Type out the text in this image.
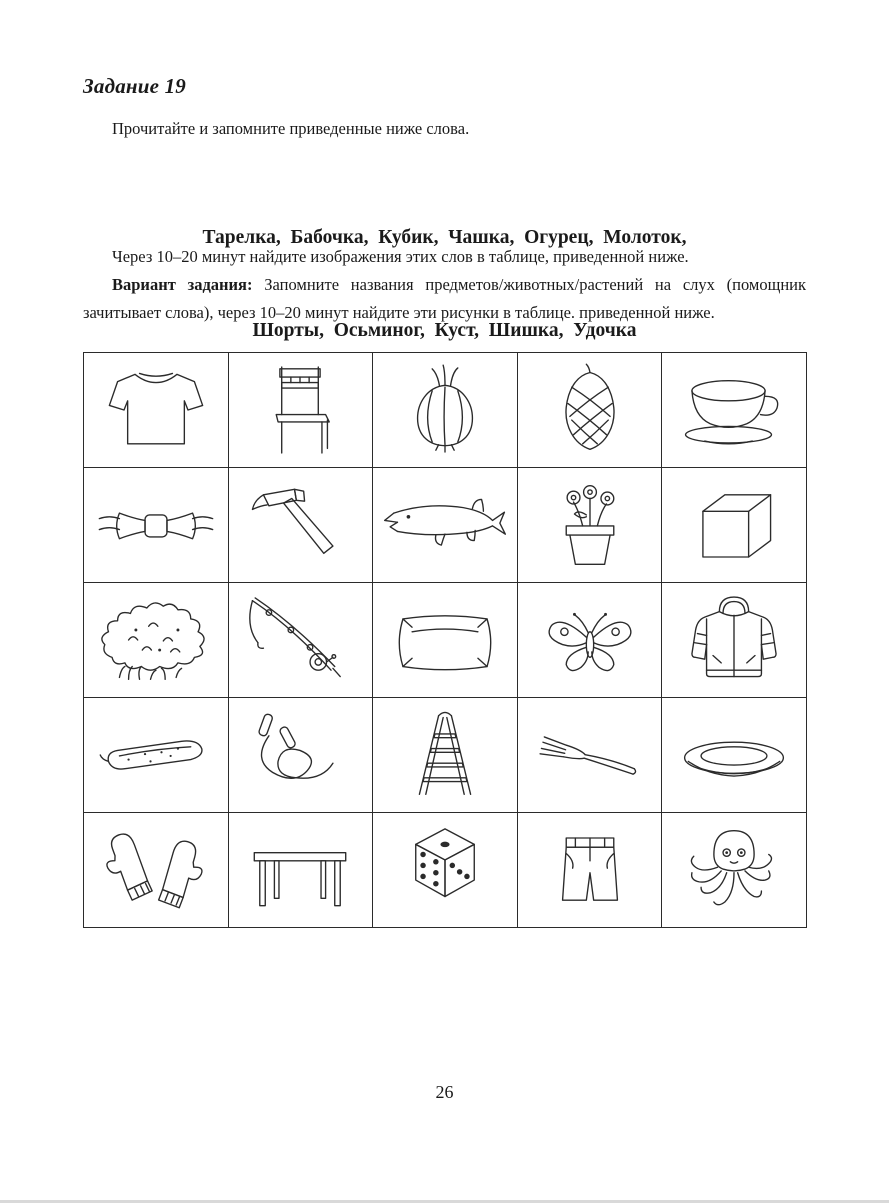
Задание 19

Прочитайте и запомните приведенные ниже слова.

Тарелка,  Бабочка,  Кубик,  Чашка,  Огурец,  Молоток,

Шорты,  Осьминог,  Куст,  Шишка,  Удочка

Через 10–20 минут найдите изображения этих слов в таблице, приведенной ниже.

Вариант задания: Запомните названия предметов/животных/растений на слух (помощник зачитывает слова), через 10–20 минут найдите эти рисунки в таблице. приведенной ниже.

26
